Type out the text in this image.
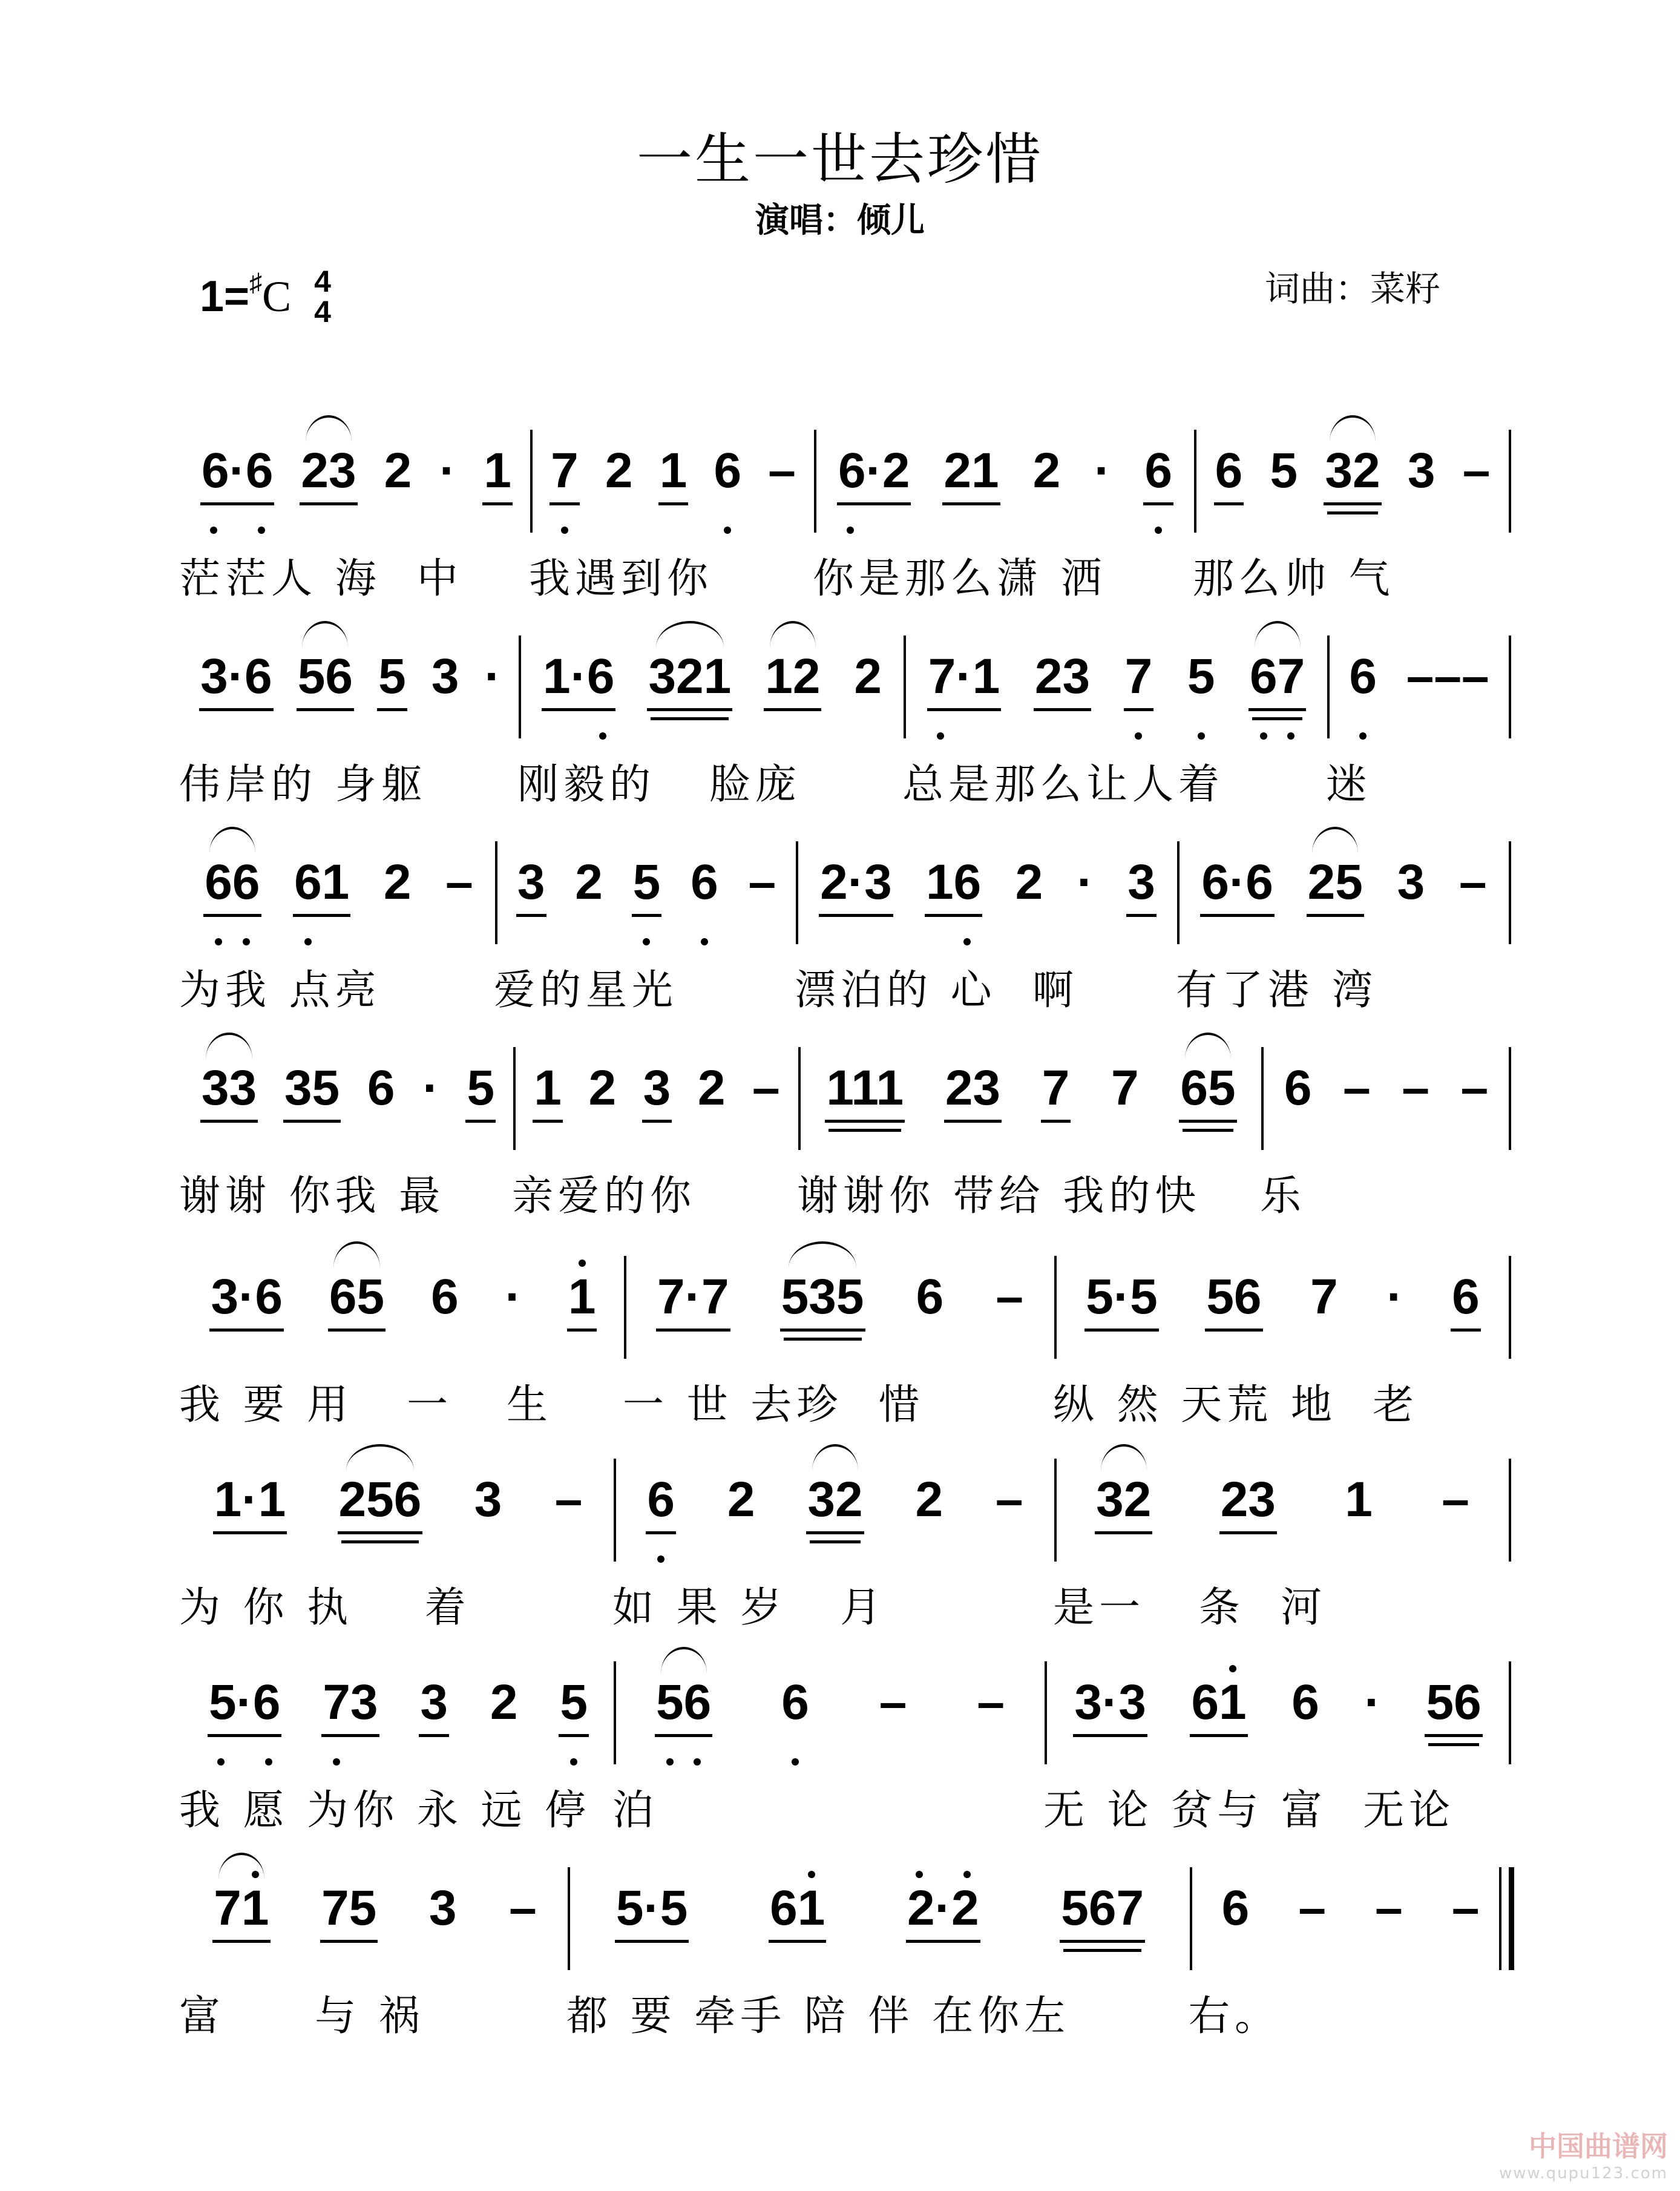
一生一世去珍惜
演唱：倾儿
1= ♯ C 4
4
词曲：菜籽
6·6 23 2 · 1
茫茫人 海  中
7 2 1 6 –
我遇到你
6·2 21 2 · 6
你是那么潇 洒
6 5 32 3 –
那么帅 气
3·6 56 5 3 ·
伟岸的 身躯
1·6 321 12 2
刚毅的   脸庞
7·1 23 7 5 67
总是那么让人着
6 –––
迷
66 61 2 –
为我 点亮
3 2 5 6 –
爱的星光
2·3 16 2 · 3
漂泊的 心  啊
6·6 25 3 –
有了港 湾
33 35 6 · 5
谢谢 你我 最
1 2 3 2 –
亲爱的你
111 23 7 7 65
谢谢你 带给 我的快
6 – – –
乐
3·6 65 6 · 1
我 要 用   一   生
7·7 535 6 –
一 世 去珍  惜
5·5 56 7 · 6
纵 然 天荒 地  老
1·1 256 3 –
为 你 执    着
6 2 32 2 –
如 果 岁   月
32 23 1 –
是一   条  河
5·6 73 3 2 5
我 愿 为你 永 远 停
56 6 – –
泊
3·3 61 6 · 56
无 论 贫与 富  无论
71 75 3 –
富     与 祸
5·5 61 2·2 567
都 要 牵手 陪 伴 在你左
6 – – –
右。
中国曲谱网
www.qupu123.com
